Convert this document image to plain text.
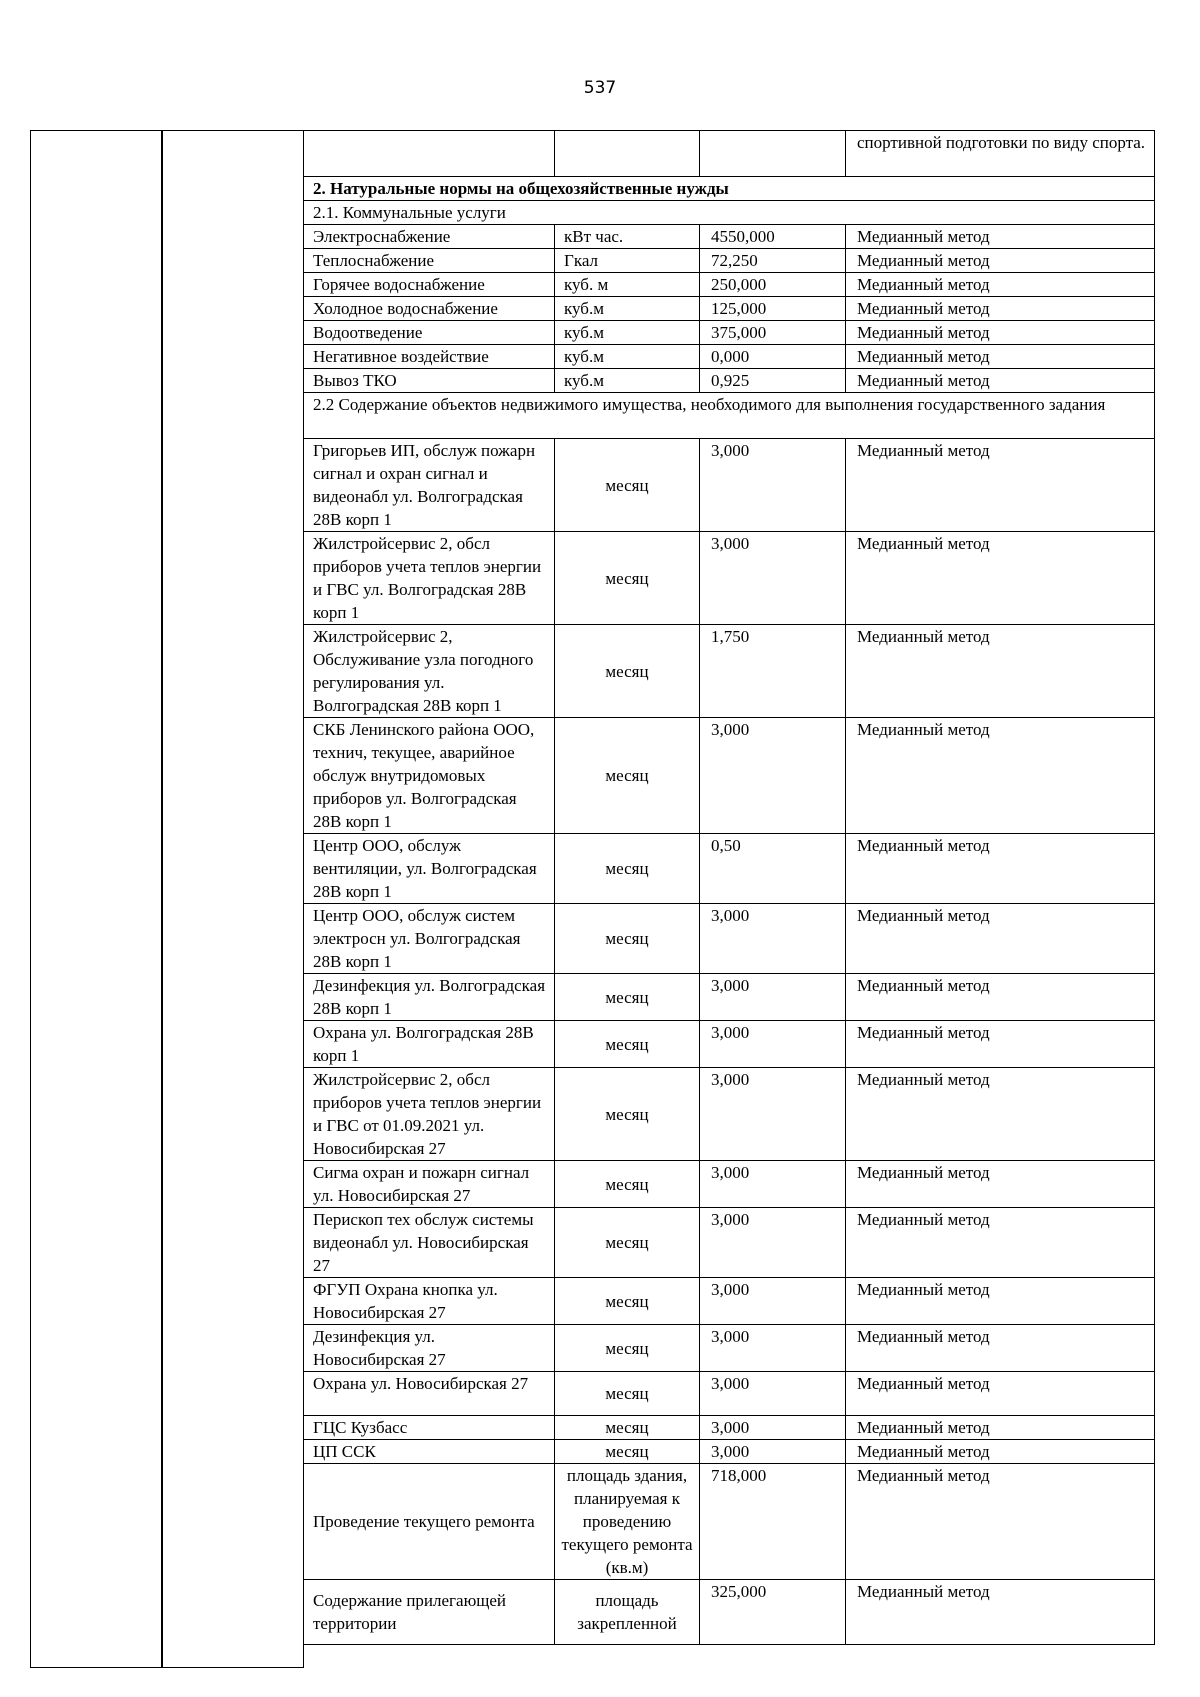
537
			спортивной подготовки по виду спорта.
2. Натуральные нормы на общехозяйственные нужды			
2.1. Коммунальные услуги			
Электроснабжение	кВт час.	4550,000	Медианный метод
Теплоснабжение	Гкал	72,250	Медианный метод
Горячее водоснабжение	куб. м	250,000	Медианный метод
Холодное водоснабжение	куб.м	125,000	Медианный метод
Водоотведение	куб.м	375,000	Медианный метод
Негативное воздействие	куб.м	0,000	Медианный метод
Вывоз ТКО	куб.м	0,925	Медианный метод
2.2 Содержание объектов недвижимого имущества, необходимого для выполнения государственного задания			
Григорьев ИП, обслуж пожарн сигнал и охран сигнал и видеонабл ул. Волгоградская 28В корп 1	месяц	3,000	Медианный метод
Жилстройсервис 2, обсл приборов учета теплов энергии и ГВС ул. Волгоградская 28В корп 1	месяц	3,000	Медианный метод
Жилстройсервис 2, Обслуживание узла погодного регулирования ул. Волгоградская 28В корп 1	месяц	1,750	Медианный метод
СКБ Ленинского района ООО, технич, текущее, аварийное обслуж внутридомовых приборов ул. Волгоградская 28В корп 1	месяц	3,000	Медианный метод
Центр ООО, обслуж вентиляции, ул. Волгоградская 28В корп 1	месяц	0,50	Медианный метод
Центр ООО, обслуж систем электросн ул. Волгоградская 28В корп 1	месяц	3,000	Медианный метод
Дезинфекция ул. Волгоградская 28В корп 1	месяц	3,000	Медианный метод
Охрана ул. Волгоградская 28В корп 1	месяц	3,000	Медианный метод
Жилстройсервис 2, обсл приборов учета теплов энергии и ГВС от 01.09.2021 ул. Новосибирская 27	месяц	3,000	Медианный метод
Сигма охран и пожарн сигнал ул. Новосибирская 27	месяц	3,000	Медианный метод
Перископ тех обслуж системы видеонабл ул. Новосибирская 27	месяц	3,000	Медианный метод
ФГУП Охрана кнопка ул. Новосибирская 27	месяц	3,000	Медианный метод
Дезинфекция ул. Новосибирская 27	месяц	3,000	Медианный метод
Охрана ул. Новосибирская 27	месяц	3,000	Медианный метод
ГЦС Кузбасс	месяц	3,000	Медианный метод
ЦП ССК	месяц	3,000	Медианный метод
Проведение текущего ремонта	площадь здания, планируемая к проведению текущего ремонта (кв.м)	718,000	Медианный метод
Содержание прилегающей территории	площадь закрепленной	325,000	Медианный метод
